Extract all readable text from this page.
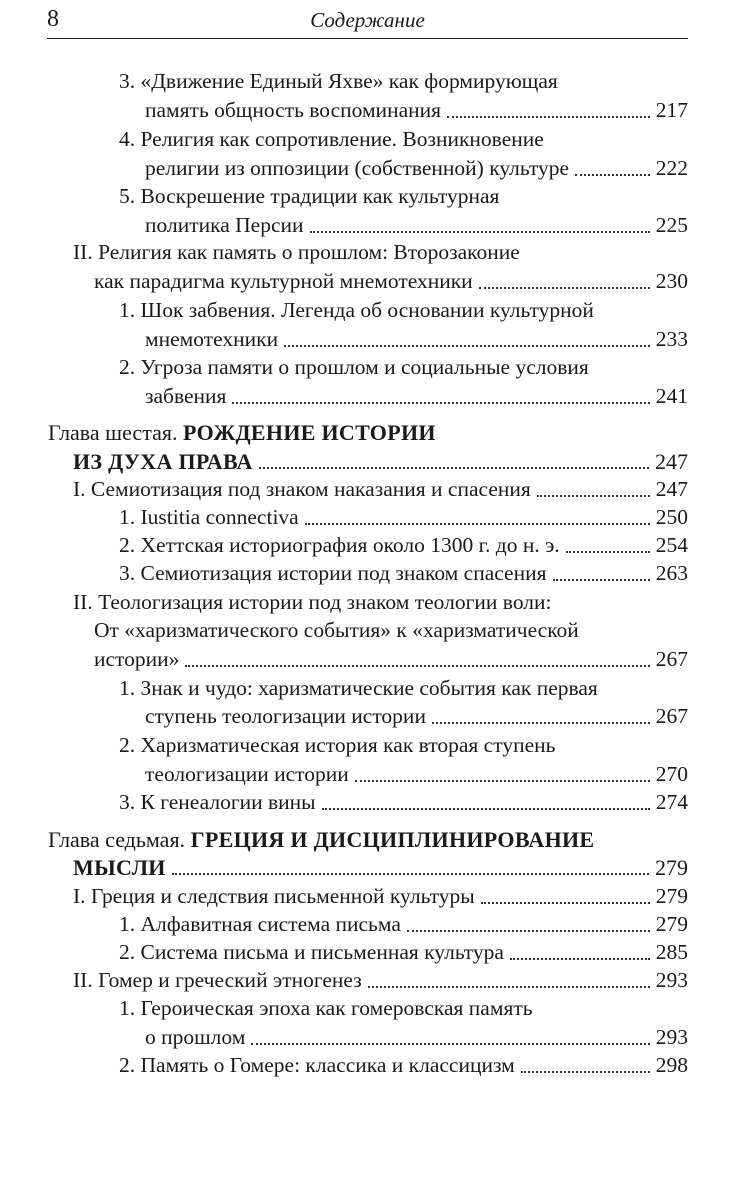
8	Содержание
3. «Движение Единый Яхве» как формирующая
память общность воспоминания	217
4. Религия как сопротивление. Возникновение
религии из оппозиции (собственной) культуре	222
5. Воскрешение традиции как культурная
политика Персии	225
II. Религия как память о прошлом: Второзаконие
как парадигма культурной мнемотехники	230
1. Шок забвения. Легенда об основании культурной
мнемотехники	233
2. Угроза памяти о прошлом и социальные условия
забвения	241
Глава шестая.
РОЖДЕНИЕ ИСТОРИИ
ИЗ ДУХА ПРАВА	247
I. Семиотизация под знаком наказания и спасения	247
1. Iustitia connectiva	250
2. Хеттская историография около 1300 г. до н. э.	254
3. Семиотизация истории под знаком спасения	263
II. Теологизация истории под знаком теологии воли:
От «харизматического события» к «харизматической
истории»	267
1. Знак и чудо: харизматические события как первая
ступень теологизации истории	267
2. Харизматическая история как вторая ступень
теологизации истории	270
3. К генеалогии вины	274
Глава седьмая.
ГРЕЦИЯ И ДИСЦИПЛИНИРОВАНИЕ
МЫСЛИ	279
I. Греция и следствия письменной культуры	279
1. Алфавитная система письма	279
2. Система письма и письменная культура	285
II. Гомер и греческий этногенез	293
1. Героическая эпоха как гомеровская память
о прошлом	293
2. Память о Гомере: классика и классицизм	298
